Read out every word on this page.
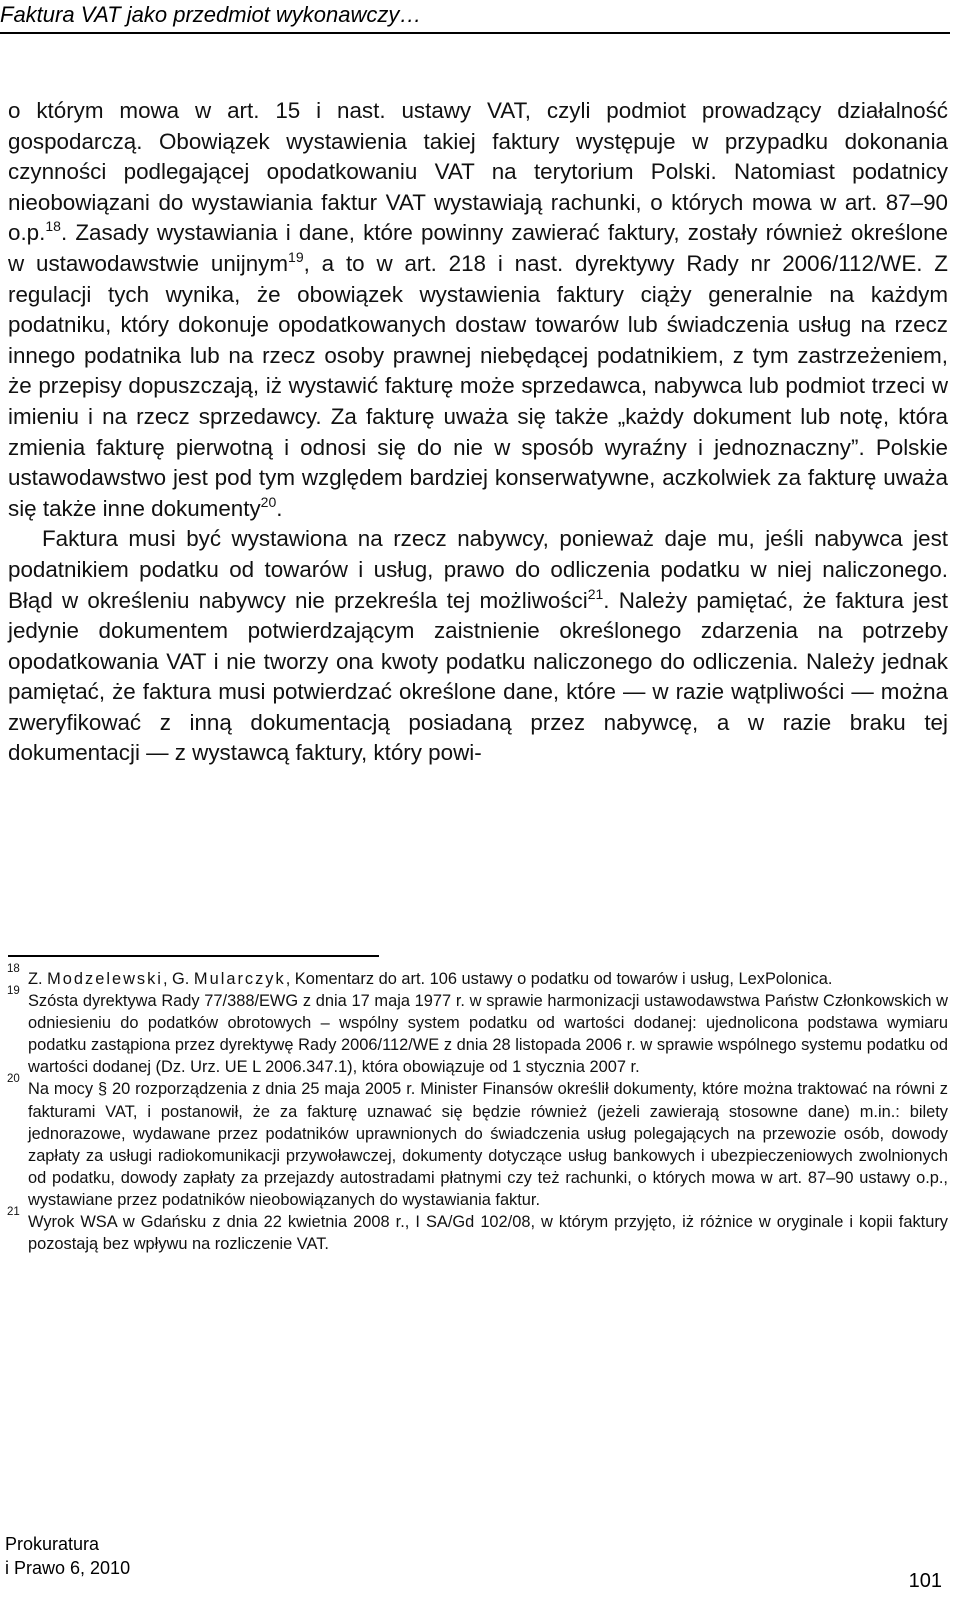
Faktura VAT jako przedmiot wykonawczy…

o którym mowa w art. 15 i nast. ustawy VAT, czyli podmiot prowadzący działalność gospodarczą. Obowiązek wystawienia takiej faktury występuje w przypadku dokonania czynności podlegającej opodatkowaniu VAT na terytorium Polski. Natomiast podatnicy nieobowiązani do wystawiania faktur VAT wystawiają rachunki, o których mowa w art. 87–90 o.p.$^{18}$. Zasady wystawiania i dane, które powinny zawierać faktury, zostały również określone w ustawodawstwie unijnym$^{19}$, a to w art. 218 i nast. dyrektywy Rady nr 2006/112/WE. Z regulacji tych wynika, że obowiązek wystawienia faktury ciąży generalnie na każdym podatniku, który dokonuje opodatkowanych dostaw towarów lub świadczenia usług na rzecz innego podatnika lub na rzecz osoby prawnej niebędącej podatnikiem, z tym zastrzeżeniem, że przepisy dopuszczają, iż wystawić fakturę może sprzedawca, nabywca lub podmiot trzeci w imieniu i na rzecz sprzedawcy. Za fakturę uważa się także „każdy dokument lub notę, która zmienia fakturę pierwotną i odnosi się do nie w sposób wyraźny i jednoznaczny”. Polskie ustawodawstwo jest pod tym względem bardziej konserwatywne, aczkolwiek za fakturę uważa się także inne dokumenty$^{20}$.

Faktura musi być wystawiona na rzecz nabywcy, ponieważ daje mu, jeśli nabywca jest podatnikiem podatku od towarów i usług, prawo do odliczenia podatku w niej naliczonego. Błąd w określeniu nabywcy nie przekreśla tej możliwości$^{21}$. Należy pamiętać, że faktura jest jedynie dokumentem potwierdzającym zaistnienie określonego zdarzenia na potrzeby opodatkowania VAT i nie tworzy ona kwoty podatku naliczonego do odliczenia. Należy jednak pamiętać, że faktura musi potwierdzać określone dane, które — w razie wątpliwości — można zweryfikować z inną dokumentacją posiadaną przez nabywcę, a w razie braku tej dokumentacji — z wystawcą faktury, który powi-

18
Z. Modzelewski, G. Mularczyk, Komentarz do art. 106 ustawy o podatku od towarów i usług, LexPolonica.
19
Szósta dyrektywa Rady 77/388/EWG z dnia 17 maja 1977 r. w sprawie harmonizacji ustawodawstwa Państw Członkowskich w odniesieniu do podatków obrotowych – wspólny system podatku od wartości dodanej: ujednolicona podstawa wymiaru podatku zastąpiona przez dyrektywę Rady 2006/112/WE z dnia 28 listopada 2006 r. w sprawie wspólnego systemu podatku od wartości dodanej (Dz. Urz. UE L 2006.347.1), która obowiązuje od 1 stycznia 2007 r.
20
Na mocy § 20 rozporządzenia z dnia 25 maja 2005 r. Minister Finansów określił dokumenty, które można traktować na równi z fakturami VAT, i postanowił, że za fakturę uznawać się będzie również (jeżeli zawierają stosowne dane) m.in.: bilety jednorazowe, wydawane przez podatników uprawnionych do świadczenia usług polegających na przewozie osób, dowody zapłaty za usługi radiokomunikacji przywoławczej, dokumenty dotyczące usług bankowych i ubezpieczeniowych zwolnionych od podatku, dowody zapłaty za przejazdy autostradami płatnymi czy też rachunki, o których mowa w art. 87–90 ustawy o.p., wystawiane przez podatników nieobowiązanych do wystawiania faktur.
21
Wyrok WSA w Gdańsku z dnia 22 kwietnia 2008 r., I SA/Gd 102/08, w którym przyjęto, iż różnice w oryginale i kopii faktury pozostają bez wpływu na rozliczenie VAT.
Prokuratura
i Prawo 6, 2010
101
